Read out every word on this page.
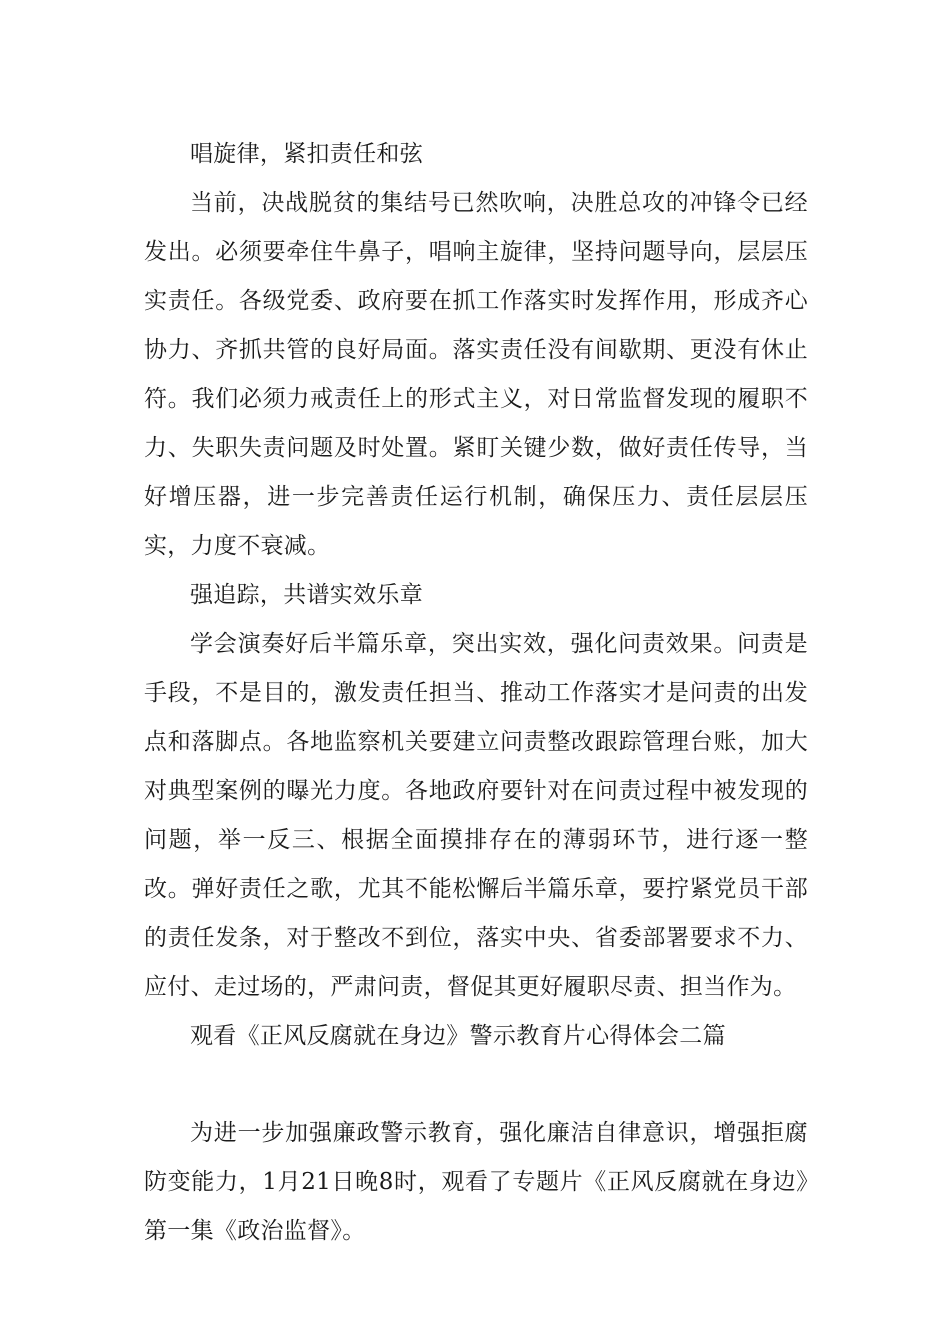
唱旋律，紧扣责任和弦

当前，决战脱贫的集结号已然吹响，决胜总攻的冲锋令已经发出。必须要牵住牛鼻子，唱响主旋律，坚持问题导向，层层压实责任。各级党委、政府要在抓工作落实时发挥作用，形成齐心协力、齐抓共管的良好局面。落实责任没有间歇期、更没有休止符。我们必须力戒责任上的形式主义，对日常监督发现的履职不力、失职失责问题及时处置。紧盯关键少数，做好责任传导，当好增压器，进一步完善责任运行机制，确保压力、责任层层压实，力度不衰减。

强追踪，共谱实效乐章

学会演奏好后半篇乐章，突出实效，强化问责效果。问责是手段，不是目的，激发责任担当、推动工作落实才是问责的出发点和落脚点。各地监察机关要建立问责整改跟踪管理台账，加大对典型案例的曝光力度。各地政府要针对在问责过程中被发现的问题，举一反三、根据全面摸排存在的薄弱环节，进行逐一整改。弹好责任之歌，尤其不能松懈后半篇乐章，要拧紧党员干部的责任发条，对于整改不到位，落实中央、省委部署要求不力、应付、走过场的，严肃问责，督促其更好履职尽责、担当作为。

观看《正风反腐就在身边》警示教育片心得体会二篇

为进一步加强廉政警示教育，强化廉洁自律意识，增强拒腐防变能力，1月21日晚8时，观看了专题片《正风反腐就在身边》第一集《政治监督》。
